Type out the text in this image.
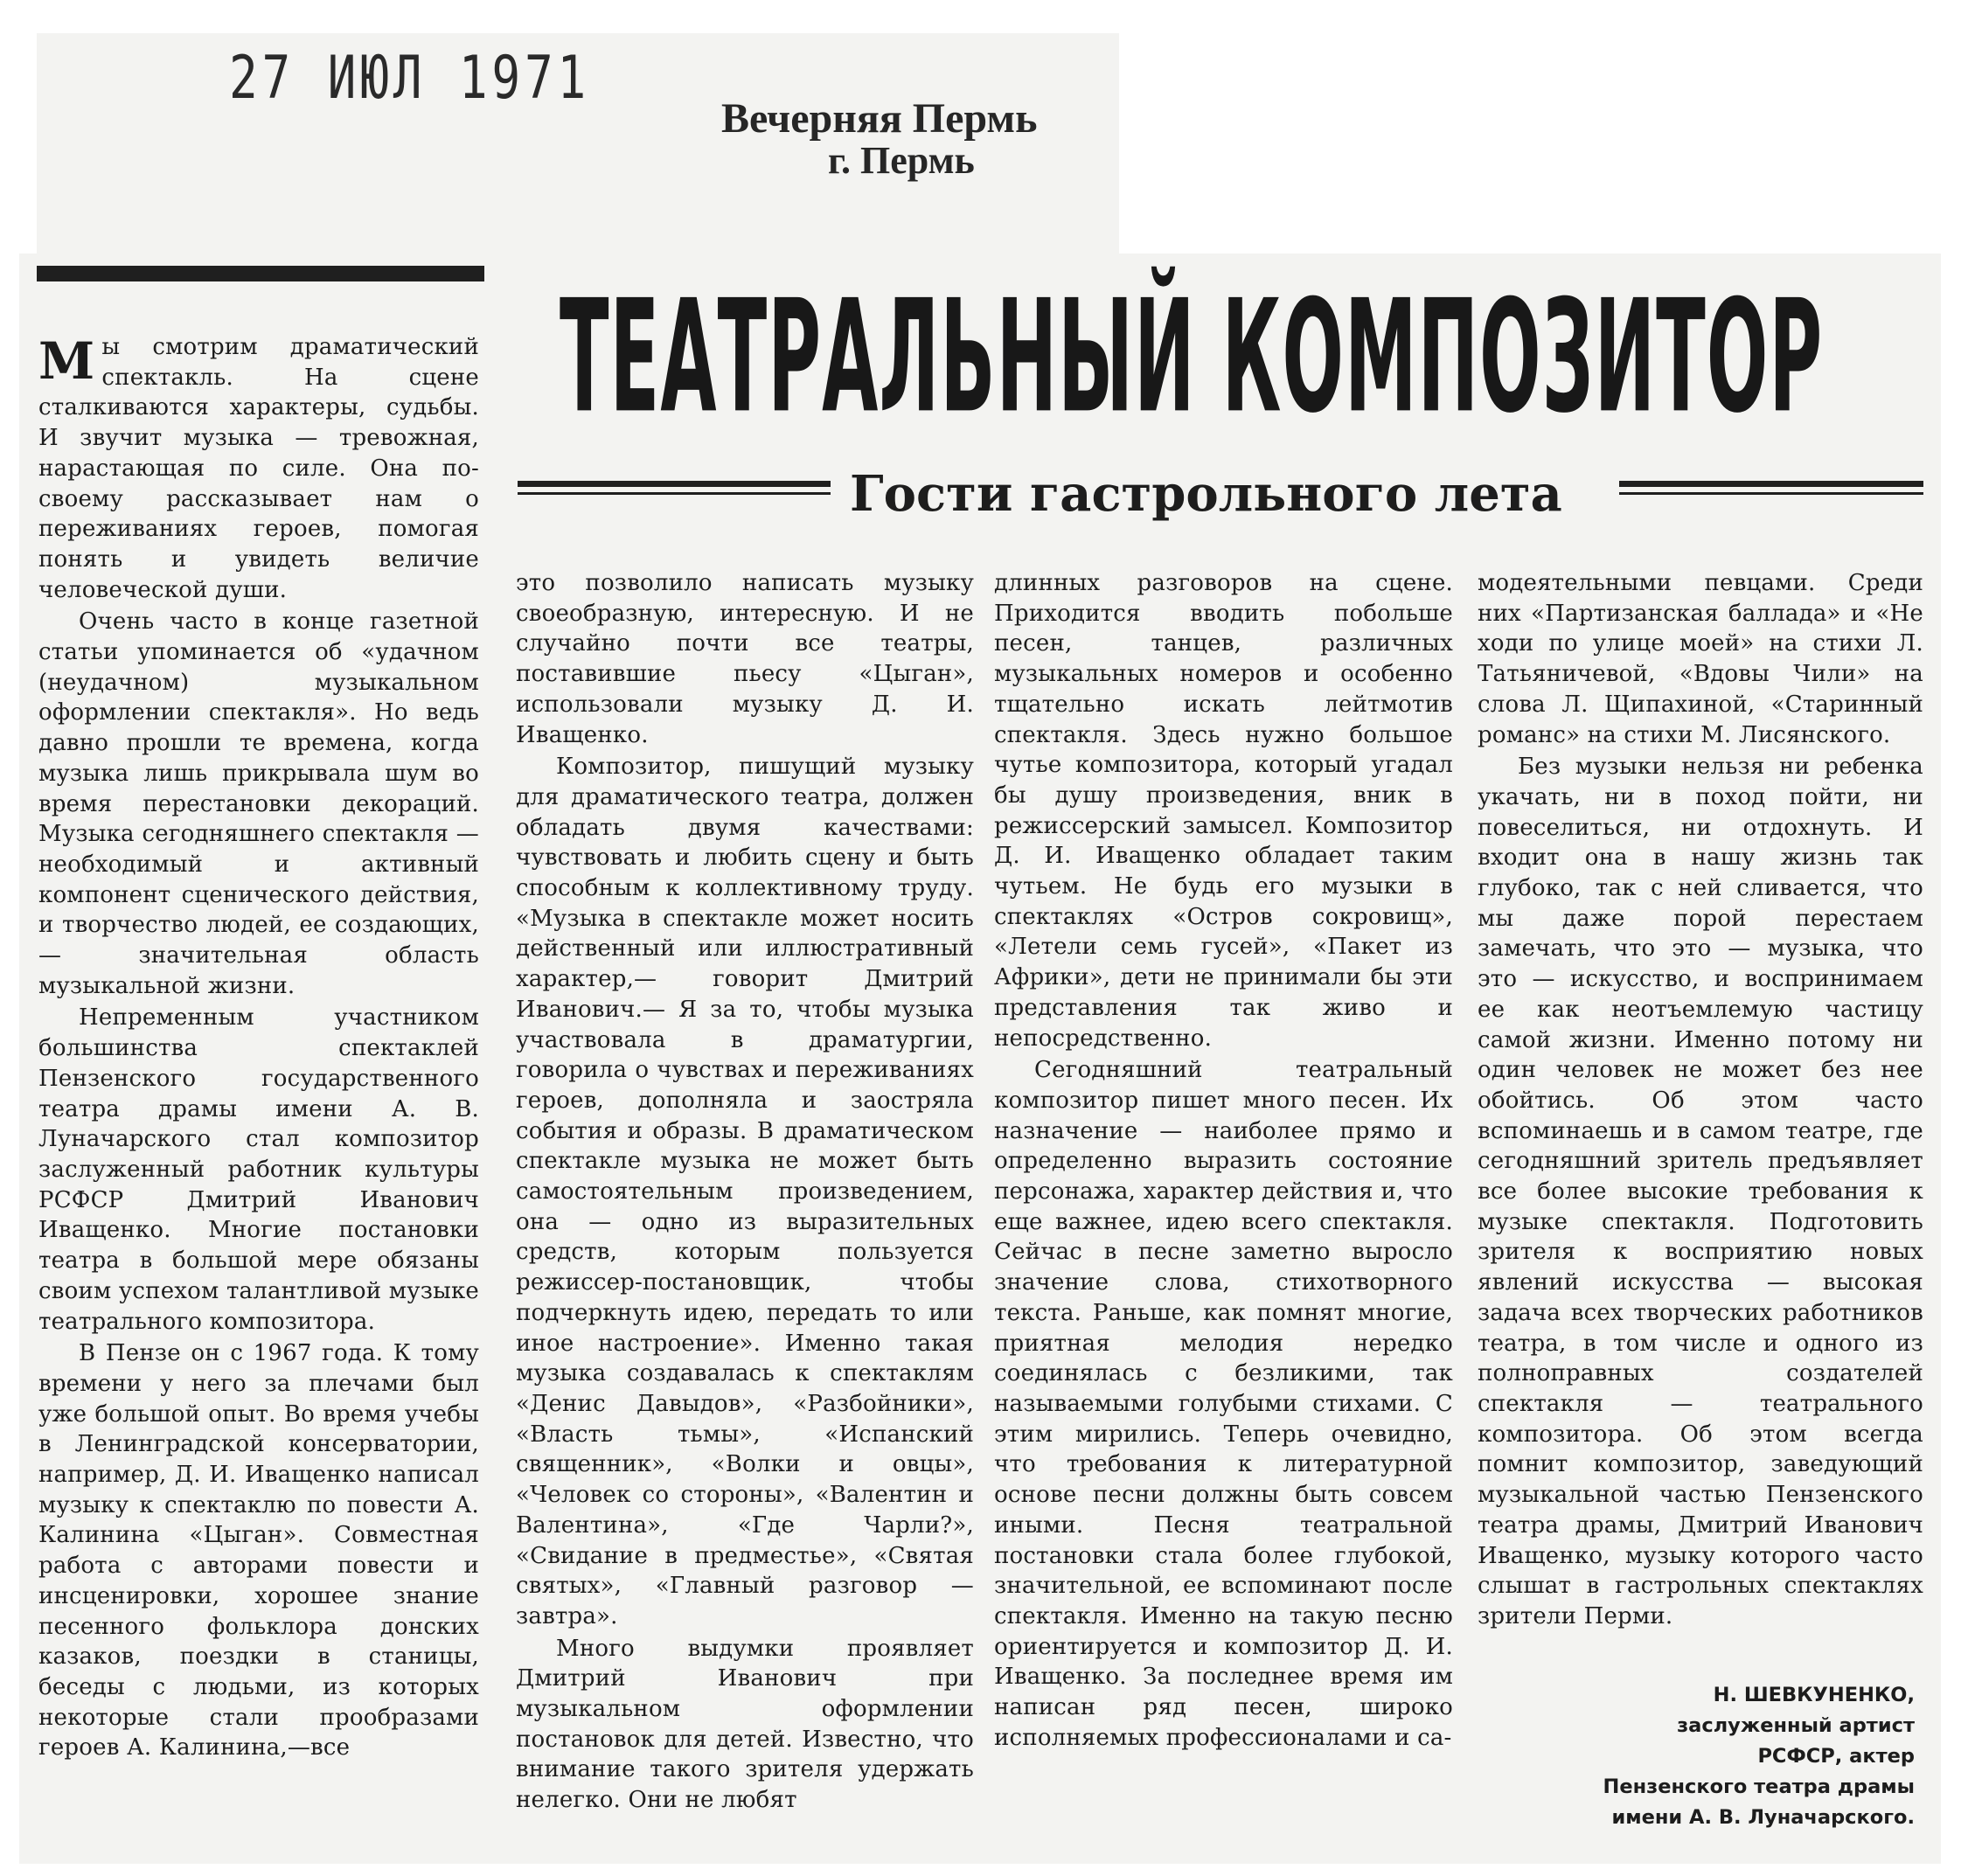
27 ИЮЛ 1971
Вечерняя Пермь
г. Пермь
ТЕАТРАЛЬНЫЙ КОМПОЗИТОР
Гости гастрольного лета

Мы смотрим драматический спектакль. На сцене сталкиваются характеры, судьбы. И звучит музыка — тревожная, нарастающая по силе. Она по-своему рассказывает нам о переживаниях героев, помогая понять и увидеть величие человеческой души.

Очень часто в конце газетной статьи упоминается об «удачном (неудачном) музыкальном оформлении спектакля». Но ведь давно прошли те времена, когда музыка лишь прикрывала шум во время перестановки декораций. Музыка сегодняшнего спектакля — необходимый и активный компонент сценического действия, и творчество людей, ее создающих,— значительная область музыкальной жизни.

Непременным участником большинства спектаклей Пензенского государственного театра драмы имени А. В. Луначарского стал композитор заслуженный работник культуры РСФСР Дмитрий Иванович Иващенко. Многие постановки театра в большой мере обязаны своим успехом талантливой музыке театрального композитора.

В Пензе он с 1967 года. К тому времени у него за плечами был уже большой опыт. Во время учебы в Ленинградской консерватории, например, Д. И. Иващенко написал музыку к спектаклю по повести А. Калинина «Цыган». Совместная работа с авторами повести и инсценировки, хорошее знание песенного фольклора донских казаков, поездки в станицы, беседы с людьми, из которых некоторые стали прообразами героев А. Калинина,—все

это позволило написать музыку своеобразную, интересную. И не случайно почти все театры, поставившие пьесу «Цыган», использовали музыку Д. И. Иващенко.

Композитор, пишущий музыку для драматического театра, должен обладать двумя качествами: чувствовать и любить сцену и быть способным к коллективному труду. «Музыка в спектакле может носить действенный или иллюстративный характер,— говорит Дмитрий Иванович.— Я за то, чтобы музыка участвовала в драматургии, говорила о чувствах и переживаниях героев, дополняла и заостряла события и образы. В драматическом спектакле музыка не может быть самостоятельным произведением, она — одно из выразительных средств, которым пользуется режиссер-постановщик, чтобы подчеркнуть идею, передать то или иное настроение». Именно такая музыка создавалась к спектаклям «Денис Давыдов», «Разбойники», «Власть тьмы», «Испанский священник», «Волки и овцы», «Человек со стороны», «Валентин и Валентина», «Где Чарли?», «Свидание в предместье», «Святая святых», «Главный разговор — завтра».

Много выдумки проявляет Дмитрий Иванович при музыкальном оформлении постановок для детей. Известно, что внимание такого зрителя удержать нелегко. Они не любят

длинных разговоров на сцене. Приходится вводить побольше песен, танцев, различных музыкальных номеров и особенно тщательно искать лейтмотив спектакля. Здесь нужно большое чутье композитора, который угадал бы душу произведения, вник в режиссерский замысел. Композитор Д. И. Иващенко обладает таким чутьем. Не будь его музыки в спектаклях «Остров сокровищ», «Летели семь гусей», «Пакет из Африки», дети не принимали бы эти представления так живо и непосредственно.

Сегодняшний театральный композитор пишет много песен. Их назначение — наиболее прямо и определенно выразить состояние персонажа, характер действия и, что еще важнее, идею всего спектакля. Сейчас в песне заметно выросло значение слова, стихотворного текста. Раньше, как помнят многие, приятная мелодия нередко соединялась с безликими, так называемыми голубыми стихами. С этим мирились. Теперь очевидно, что требования к литературной основе песни должны быть совсем иными. Песня театральной постановки стала более глубокой, значительной, ее вспоминают после спектакля. Именно на такую песню ориентируется и композитор Д. И. Иващенко. За последнее время им написан ряд песен, широко исполняемых профессионалами и са-

модеятельными певцами. Среди них «Партизанская баллада» и «Не ходи по улице моей» на стихи Л. Татьяничевой, «Вдовы Чили» на слова Л. Щипахиной, «Старинный романс» на стихи М. Лисянского.

Без музыки нельзя ни ребенка укачать, ни в поход пойти, ни повеселиться, ни отдохнуть. И входит она в нашу жизнь так глубоко, так с ней сливается, что мы даже порой перестаем замечать, что это — музыка, что это — искусство, и воспринимаем ее как неотъемлемую частицу самой жизни. Именно потому ни один человек не может без нее обойтись. Об этом часто вспоминаешь и в самом театре, где сегодняшний зритель предъявляет все более высокие требования к музыке спектакля. Подготовить зрителя к восприятию новых явлений искусства — высокая задача всех творческих работников театра, в том числе и одного из полноправных создателей спектакля — театрального композитора. Об этом всегда помнит композитор, заведующий музыкальной частью Пензенского театра драмы, Дмитрий Иванович Иващенко, музыку которого часто слышат в гастрольных спектаклях зрители Перми.

Н. ШЕВКУНЕНКО,
заслуженный артист
РСФСР, актер
Пензенского театра драмы
имени А. В. Луначарского.
